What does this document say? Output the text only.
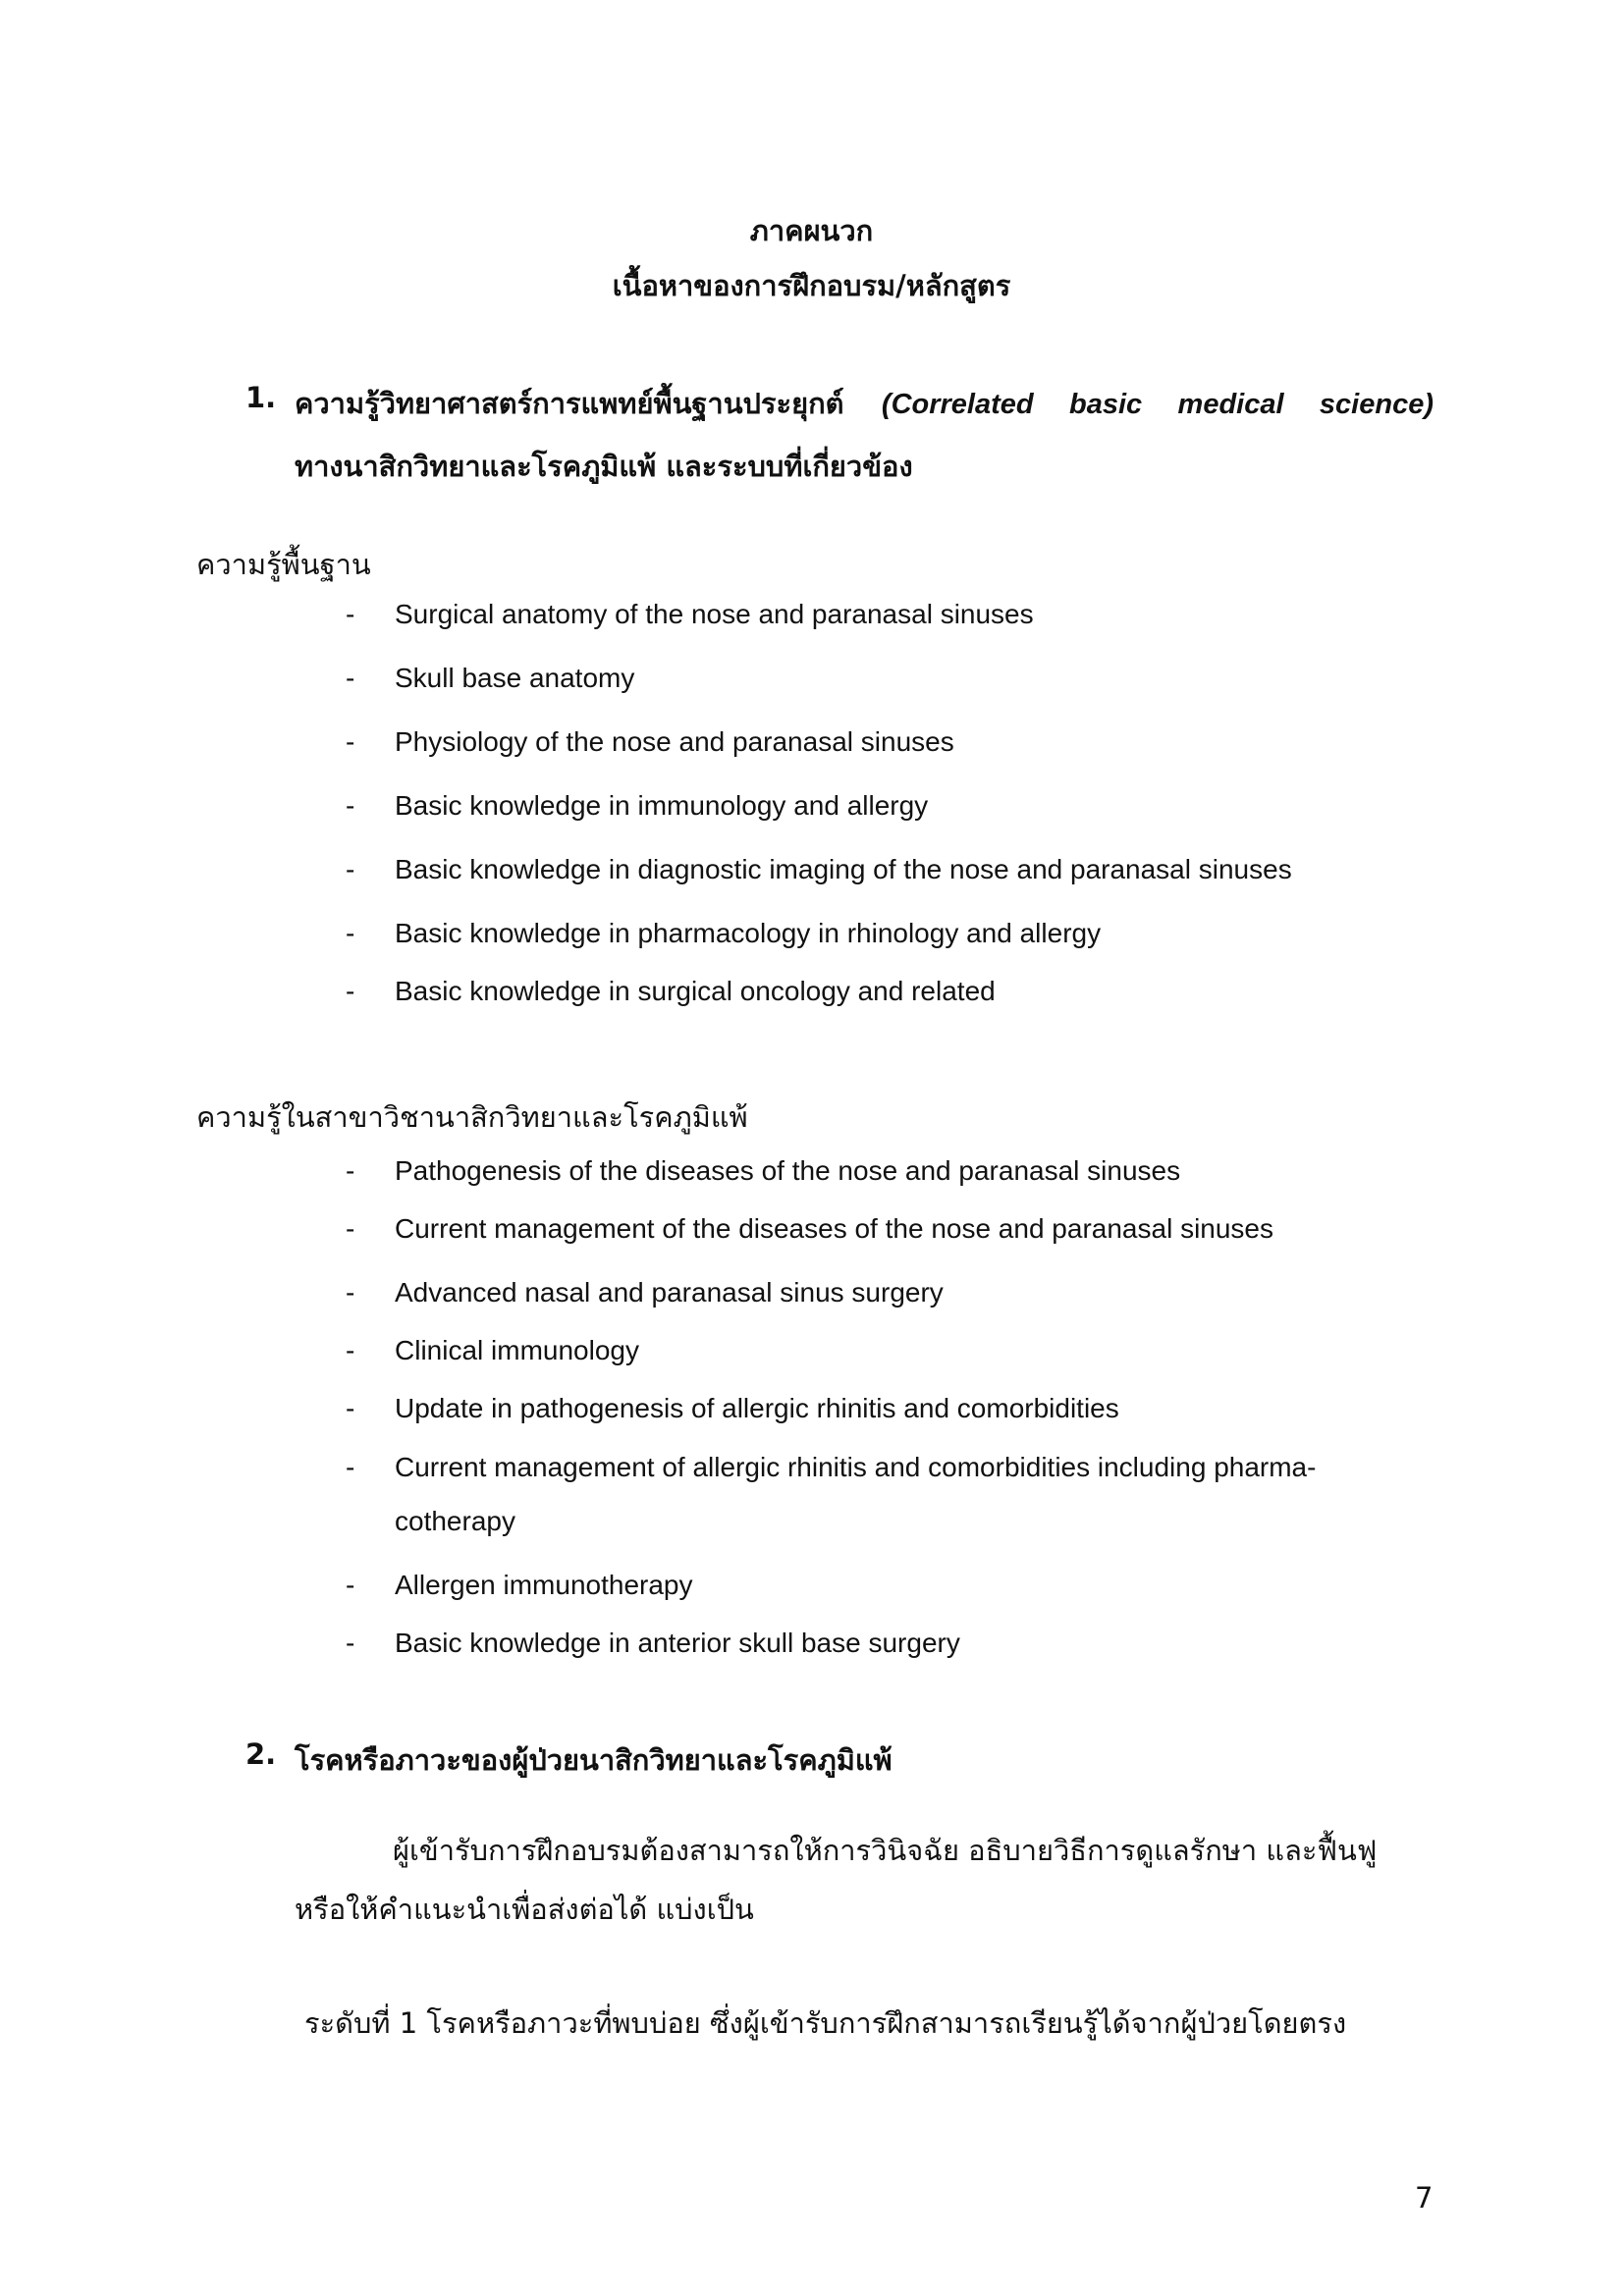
ภาคผนวก
เนื้อหาของการฝึกอบรม/หลักสูตร
1. ความรู้วิทยาศาสตร์การแพทย์พื้นฐานประยุกต์ (Correlated basic medical science)
ทางนาสิกวิทยาและโรคภูมิแพ้ และระบบที่เกี่ยวข้อง
ความรู้พื้นฐาน
- Surgical anatomy of the nose and paranasal sinuses
- Skull base anatomy
- Physiology of the nose and paranasal sinuses
- Basic knowledge in immunology and allergy
- Basic knowledge in diagnostic imaging of the nose and paranasal sinuses
- Basic knowledge in pharmacology in rhinology and allergy
- Basic knowledge in surgical oncology and related
ความรู้ในสาขาวิชานาสิกวิทยาและโรคภูมิแพ้
- Pathogenesis of the diseases of the nose and paranasal sinuses
- Current management of the diseases of the nose and paranasal sinuses
- Advanced nasal and paranasal sinus surgery
- Clinical immunology
- Update in pathogenesis of allergic rhinitis and comorbidities
- Current management of allergic rhinitis and comorbidities including pharma-
cotherapy
- Allergen immunotherapy
- Basic knowledge in anterior skull base surgery
2. โรคหรือภาวะของผู้ป่วยนาสิกวิทยาและโรคภูมิแพ้
ผู้เข้ารับการฝึกอบรมต้องสามารถให้การวินิจฉัย อธิบายวิธีการดูแลรักษา และฟื้นฟู
หรือให้คำแนะนำเพื่อส่งต่อได้ แบ่งเป็น
ระดับที่ 1 โรคหรือภาวะที่พบบ่อย ซึ่งผู้เข้ารับการฝึกสามารถเรียนรู้ได้จากผู้ป่วยโดยตรง
7
